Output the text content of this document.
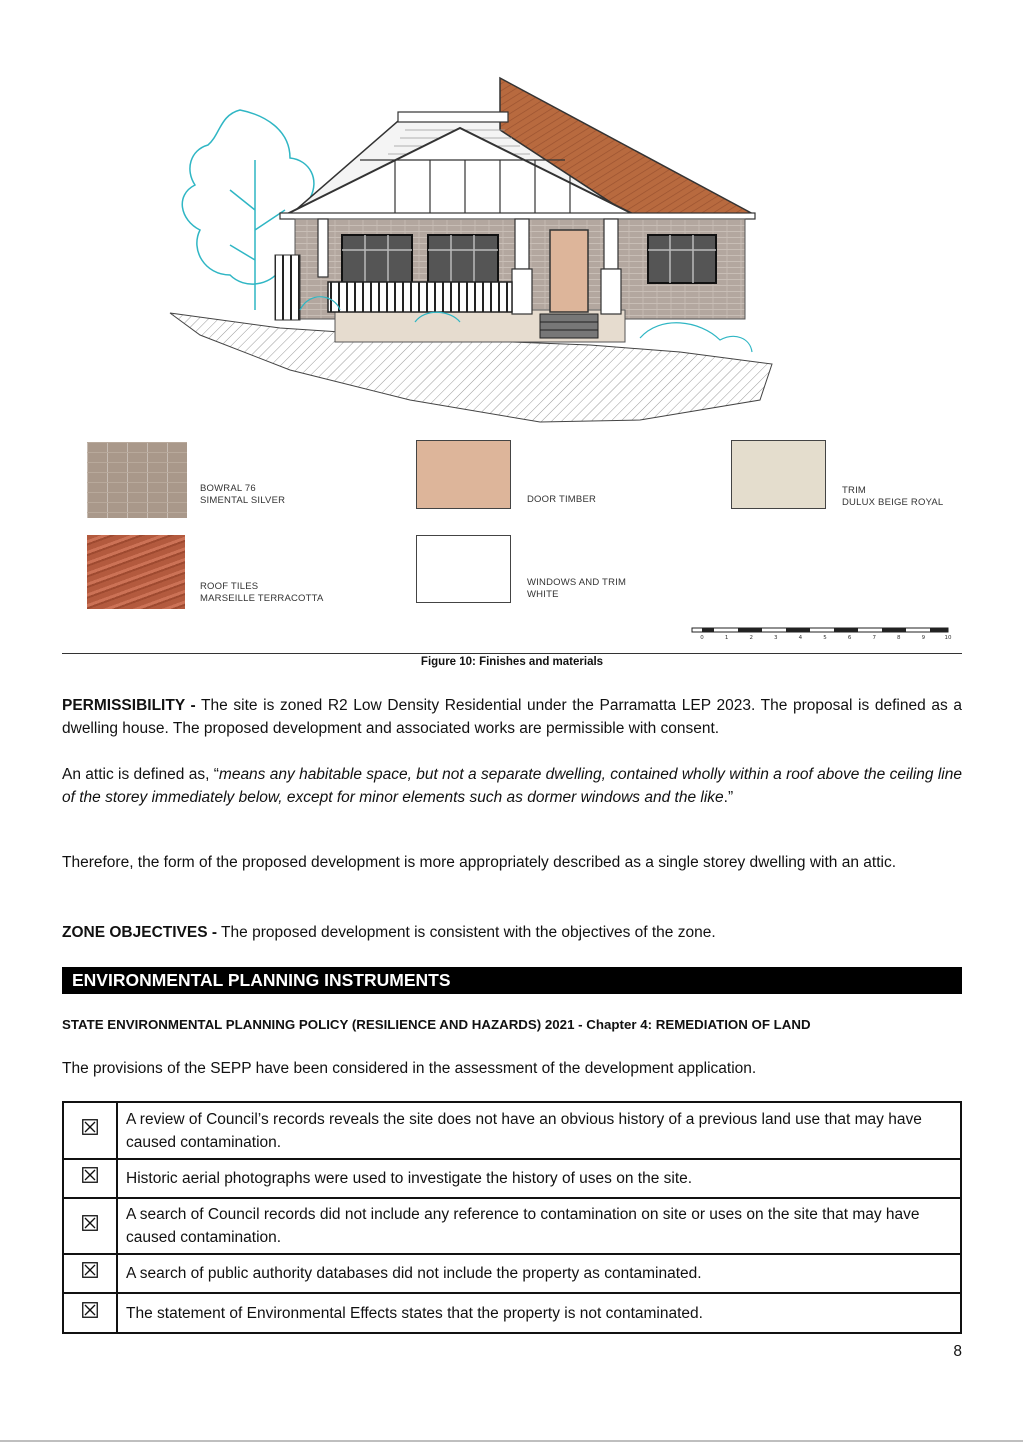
BOWRAL 76
SIMENTAL SILVER
ROOF TILES
MARSEILLE TERRACOTTA
DOOR TIMBER
WINDOWS AND TRIM
WHITE
TRIM
DULUX BEIGE ROYAL
0	1	2	3	4	5	6	7	8	9	10
Figure 10: Finishes and materials

PERMISSIBILITY - The site is zoned R2 Low Density Residential under the Parramatta LEP 2023. The proposal is defined as a dwelling house. The proposed development and associated works are permissible with consent.

An attic is defined as, “means any habitable space, but not a separate dwelling, contained wholly within a roof above the ceiling line of the storey immediately below, except for minor elements such as dormer windows and the like.”

Therefore, the form of the proposed development is more appropriately described as a single storey dwelling with an attic.

ZONE OBJECTIVES - The proposed development is consistent with the objectives of the zone.

ENVIRONMENTAL PLANNING INSTRUMENTS
STATE ENVIRONMENTAL PLANNING POLICY (RESILIENCE AND HAZARDS) 2021 - Chapter 4: REMEDIATION OF LAND

The provisions of the SEPP have been considered in the assessment of the development application.

	A review of Council’s records reveals the site does not have an obvious history of a previous land use that may have caused contamination.
	Historic aerial photographs were used to investigate the history of uses on the site.
	A search of Council records did not include any reference to contamination on site or uses on the site that may have caused contamination.
	A search of public authority databases did not include the property as contaminated.
	The statement of Environmental Effects states that the property is not contaminated.
8
